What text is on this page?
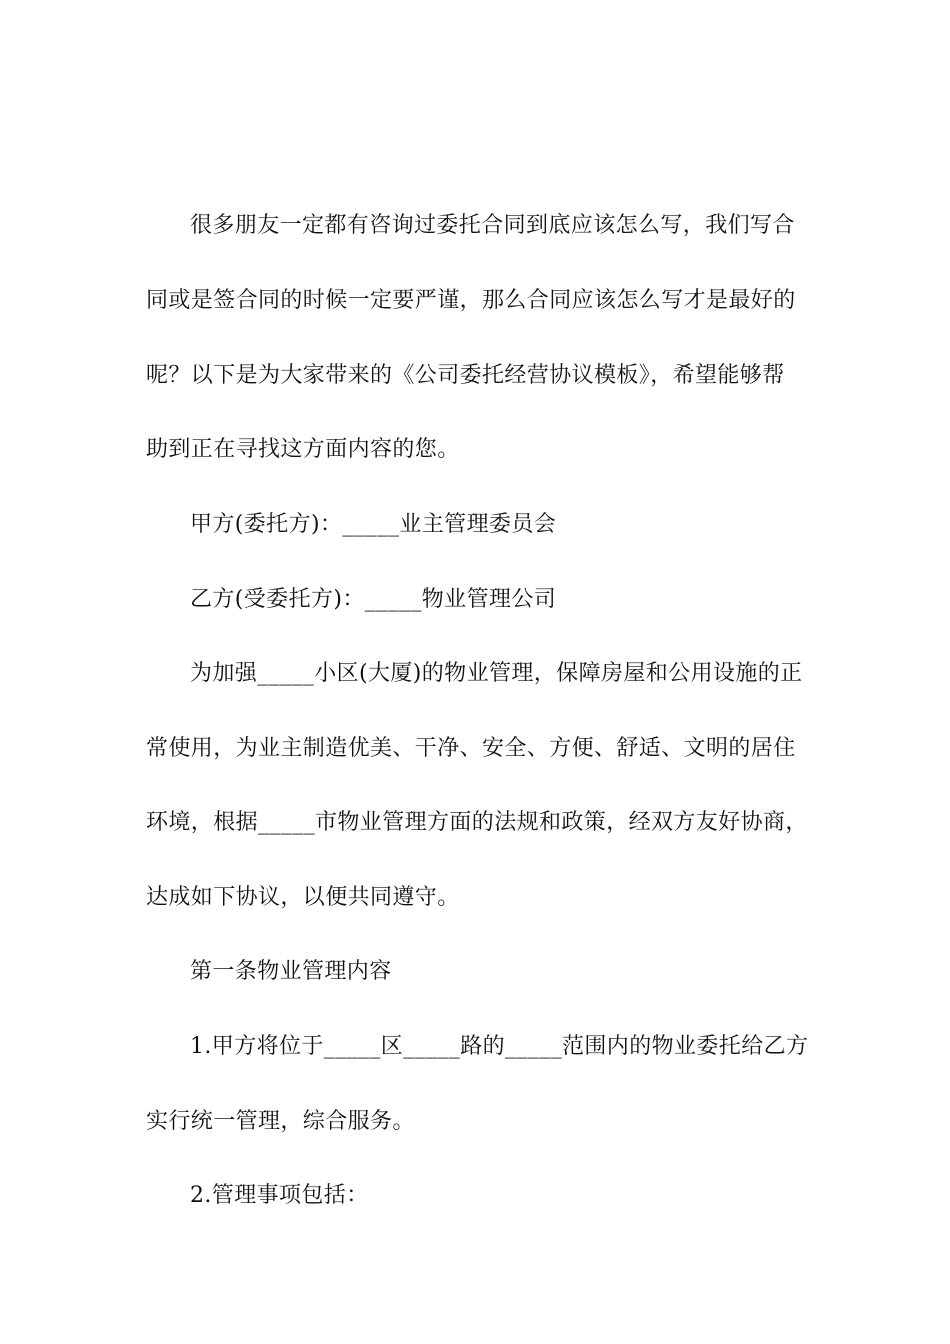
很多朋友一定都有咨询过委托合同到底应该怎么写，我们写合
同或是签合同的时候一定要严谨，那么合同应该怎么写才是最好的
呢？以下是为大家带来的《公司委托经营协议模板》，希望能够帮
助到正在寻找这方面内容的您。
甲方(委托方)：_____业主管理委员会
乙方(受委托方)：_____物业管理公司
为加强_____小区(大厦)的物业管理，保障房屋和公用设施的正
常使用，为业主制造优美、干净、安全、方便、舒适、文明的居住
环境，根据_____市物业管理方面的法规和政策，经双方友好协商，
达成如下协议，以便共同遵守。
第一条物业管理内容
1.甲方将位于_____区_____路的_____范围内的物业委托给乙方
实行统一管理，综合服务。
2.管理事项包括：
